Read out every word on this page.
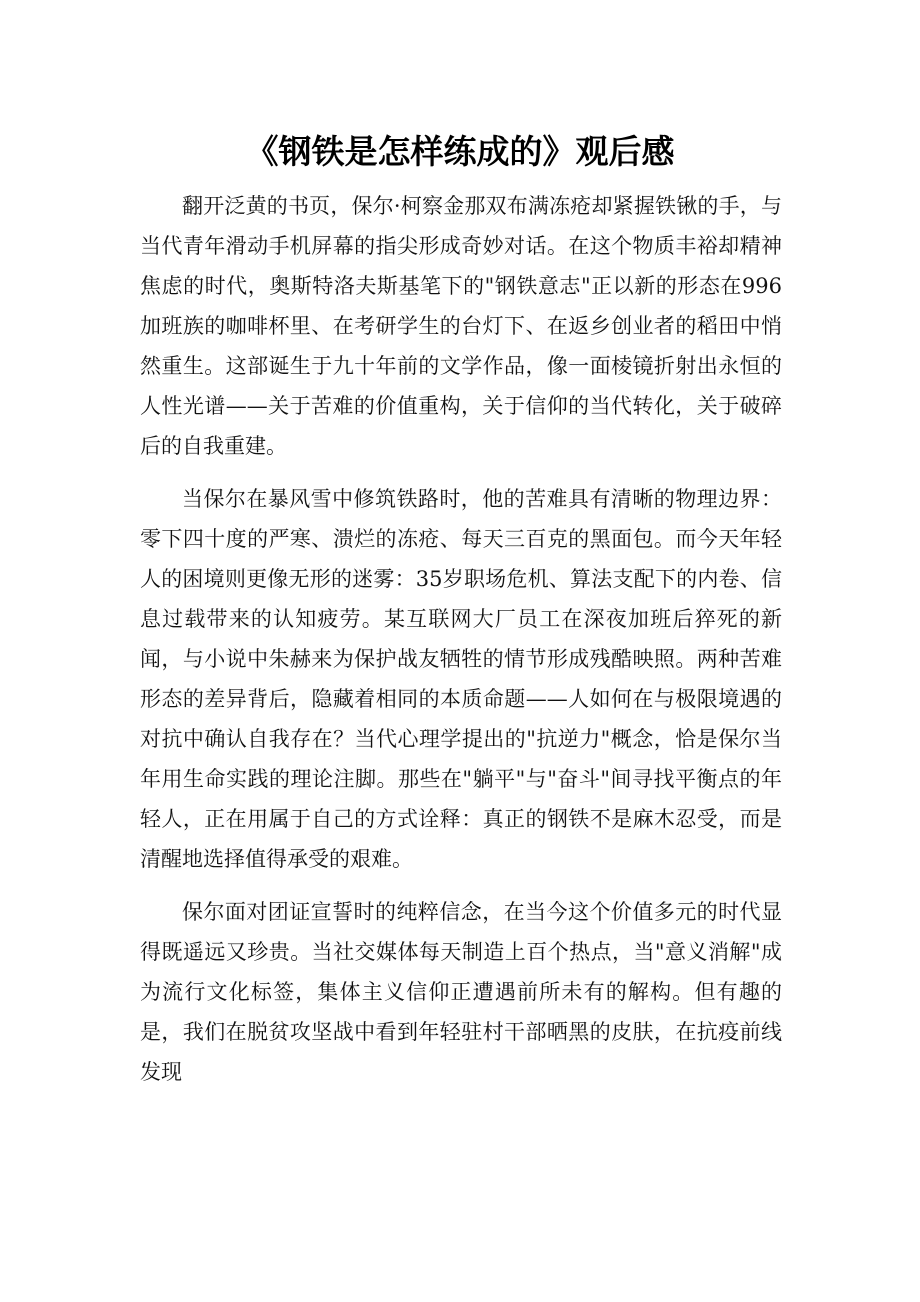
《钢铁是怎样练成的》观后感

翻开泛黄的书页，保尔·柯察金那双布满冻疮却紧握铁锹的手，与当代青年滑动手机屏幕的指尖形成奇妙对话。在这个物质丰裕却精神焦虑的时代，奥斯特洛夫斯基笔下的"钢铁意志"正以新的形态在996加班族的咖啡杯里、在考研学生的台灯下、在返乡创业者的稻田中悄然重生。这部诞生于九十年前的文学作品，像一面棱镜折射出永恒的人性光谱——关于苦难的价值重构，关于信仰的当代转化，关于破碎后的自我重建。

当保尔在暴风雪中修筑铁路时，他的苦难具有清晰的物理边界：零下四十度的严寒、溃烂的冻疮、每天三百克的黑面包。而今天年轻人的困境则更像无形的迷雾：35岁职场危机、算法支配下的内卷、信息过载带来的认知疲劳。某互联网大厂员工在深夜加班后猝死的新闻，与小说中朱赫来为保护战友牺牲的情节形成残酷映照。两种苦难形态的差异背后，隐藏着相同的本质命题——人如何在与极限境遇的对抗中确认自我存在？当代心理学提出的"抗逆力"概念，恰是保尔当年用生命实践的理论注脚。那些在"躺平"与"奋斗"间寻找平衡点的年轻人，正在用属于自己的方式诠释：真正的钢铁不是麻木忍受，而是清醒地选择值得承受的艰难。

保尔面对团证宣誓时的纯粹信念，在当今这个价值多元的时代显得既遥远又珍贵。当社交媒体每天制造上百个热点，当"意义消解"成为流行文化标签，集体主义信仰正遭遇前所未有的解构。但有趣的是，我们在脱贫攻坚战中看到年轻驻村干部晒黑的皮肤，在抗疫前线发现
